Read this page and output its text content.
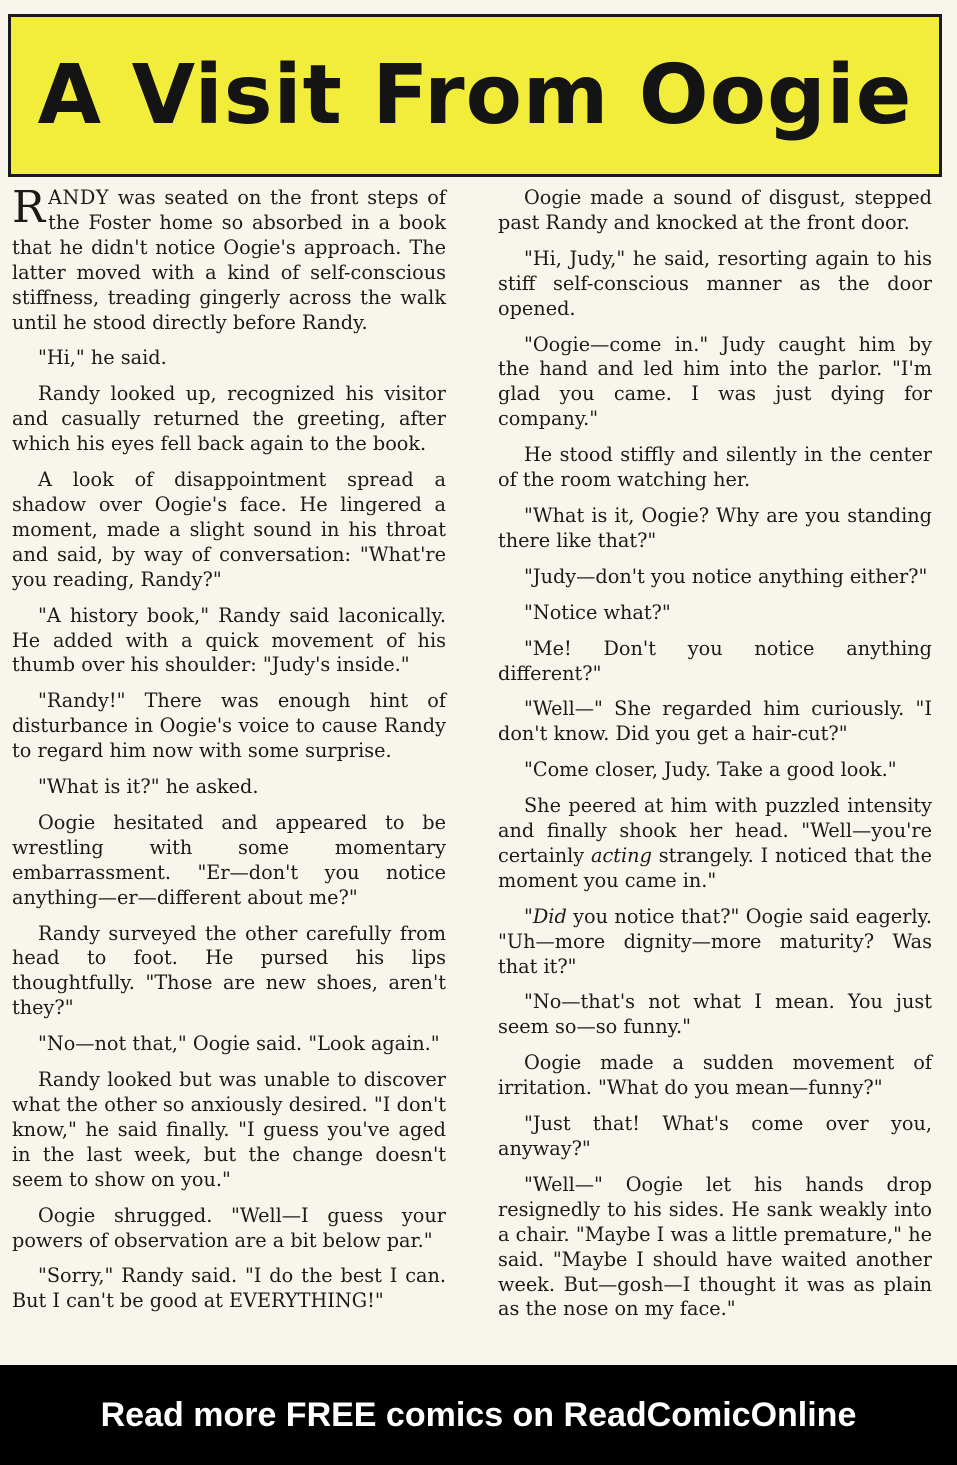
A Visit From Oogie

RANDY was seated on the front steps of the Foster home so absorbed in a book that he didn't notice Oogie's approach. The latter moved with a kind of self-conscious stiffness, treading gingerly across the walk until he stood directly before Randy.

"Hi," he said.

Randy looked up, recognized his visitor and casually returned the greeting, after which his eyes fell back again to the book.

A look of disappointment spread a shadow over Oogie's face. He lingered a moment, made a slight sound in his throat and said, by way of conversation: "What're you reading, Randy?"

"A history book," Randy said laconically. He added with a quick movement of his thumb over his shoulder: "Judy's inside."

"Randy!" There was enough hint of disturbance in Oogie's voice to cause Randy to regard him now with some surprise.

"What is it?" he asked.

Oogie hesitated and appeared to be wrestling with some momentary embarrassment. "Er—don't you notice anything—er—different about me?"

Randy surveyed the other carefully from head to foot. He pursed his lips thoughtfully. "Those are new shoes, aren't they?"

"No—not that," Oogie said. "Look again."

Randy looked but was unable to discover what the other so anxiously desired. "I don't know," he said finally. "I guess you've aged in the last week, but the change doesn't seem to show on you."

Oogie shrugged. "Well—I guess your powers of observation are a bit below par."

"Sorry," Randy said. "I do the best I can. But I can't be good at EVERYTHING!"

Oogie made a sound of disgust, stepped past Randy and knocked at the front door.

"Hi, Judy," he said, resorting again to his stiff self-conscious manner as the door opened.

"Oogie—come in." Judy caught him by the hand and led him into the parlor. "I'm glad you came. I was just dying for company."

He stood stiffly and silently in the center of the room watching her.

"What is it, Oogie? Why are you standing there like that?"

"Judy—don't you notice anything either?"

"Notice what?"

"Me! Don't you notice anything different?"

"Well—" She regarded him curiously. "I don't know. Did you get a hair-cut?"

"Come closer, Judy. Take a good look."

She peered at him with puzzled intensity and finally shook her head. "Well—you're certainly acting strangely. I noticed that the moment you came in."

"Did you notice that?" Oogie said eagerly. "Uh—more dignity—more maturity? Was that it?"

"No—that's not what I mean. You just seem so—so funny."

Oogie made a sudden movement of irritation. "What do you mean—funny?"

"Just that! What's come over you, anyway?"

"Well—" Oogie let his hands drop resignedly to his sides. He sank weakly into a chair. "Maybe I was a little premature," he said. "Maybe I should have waited another week. But—gosh—I thought it was as plain as the nose on my face."

Read more FREE comics on ReadComicOnline
